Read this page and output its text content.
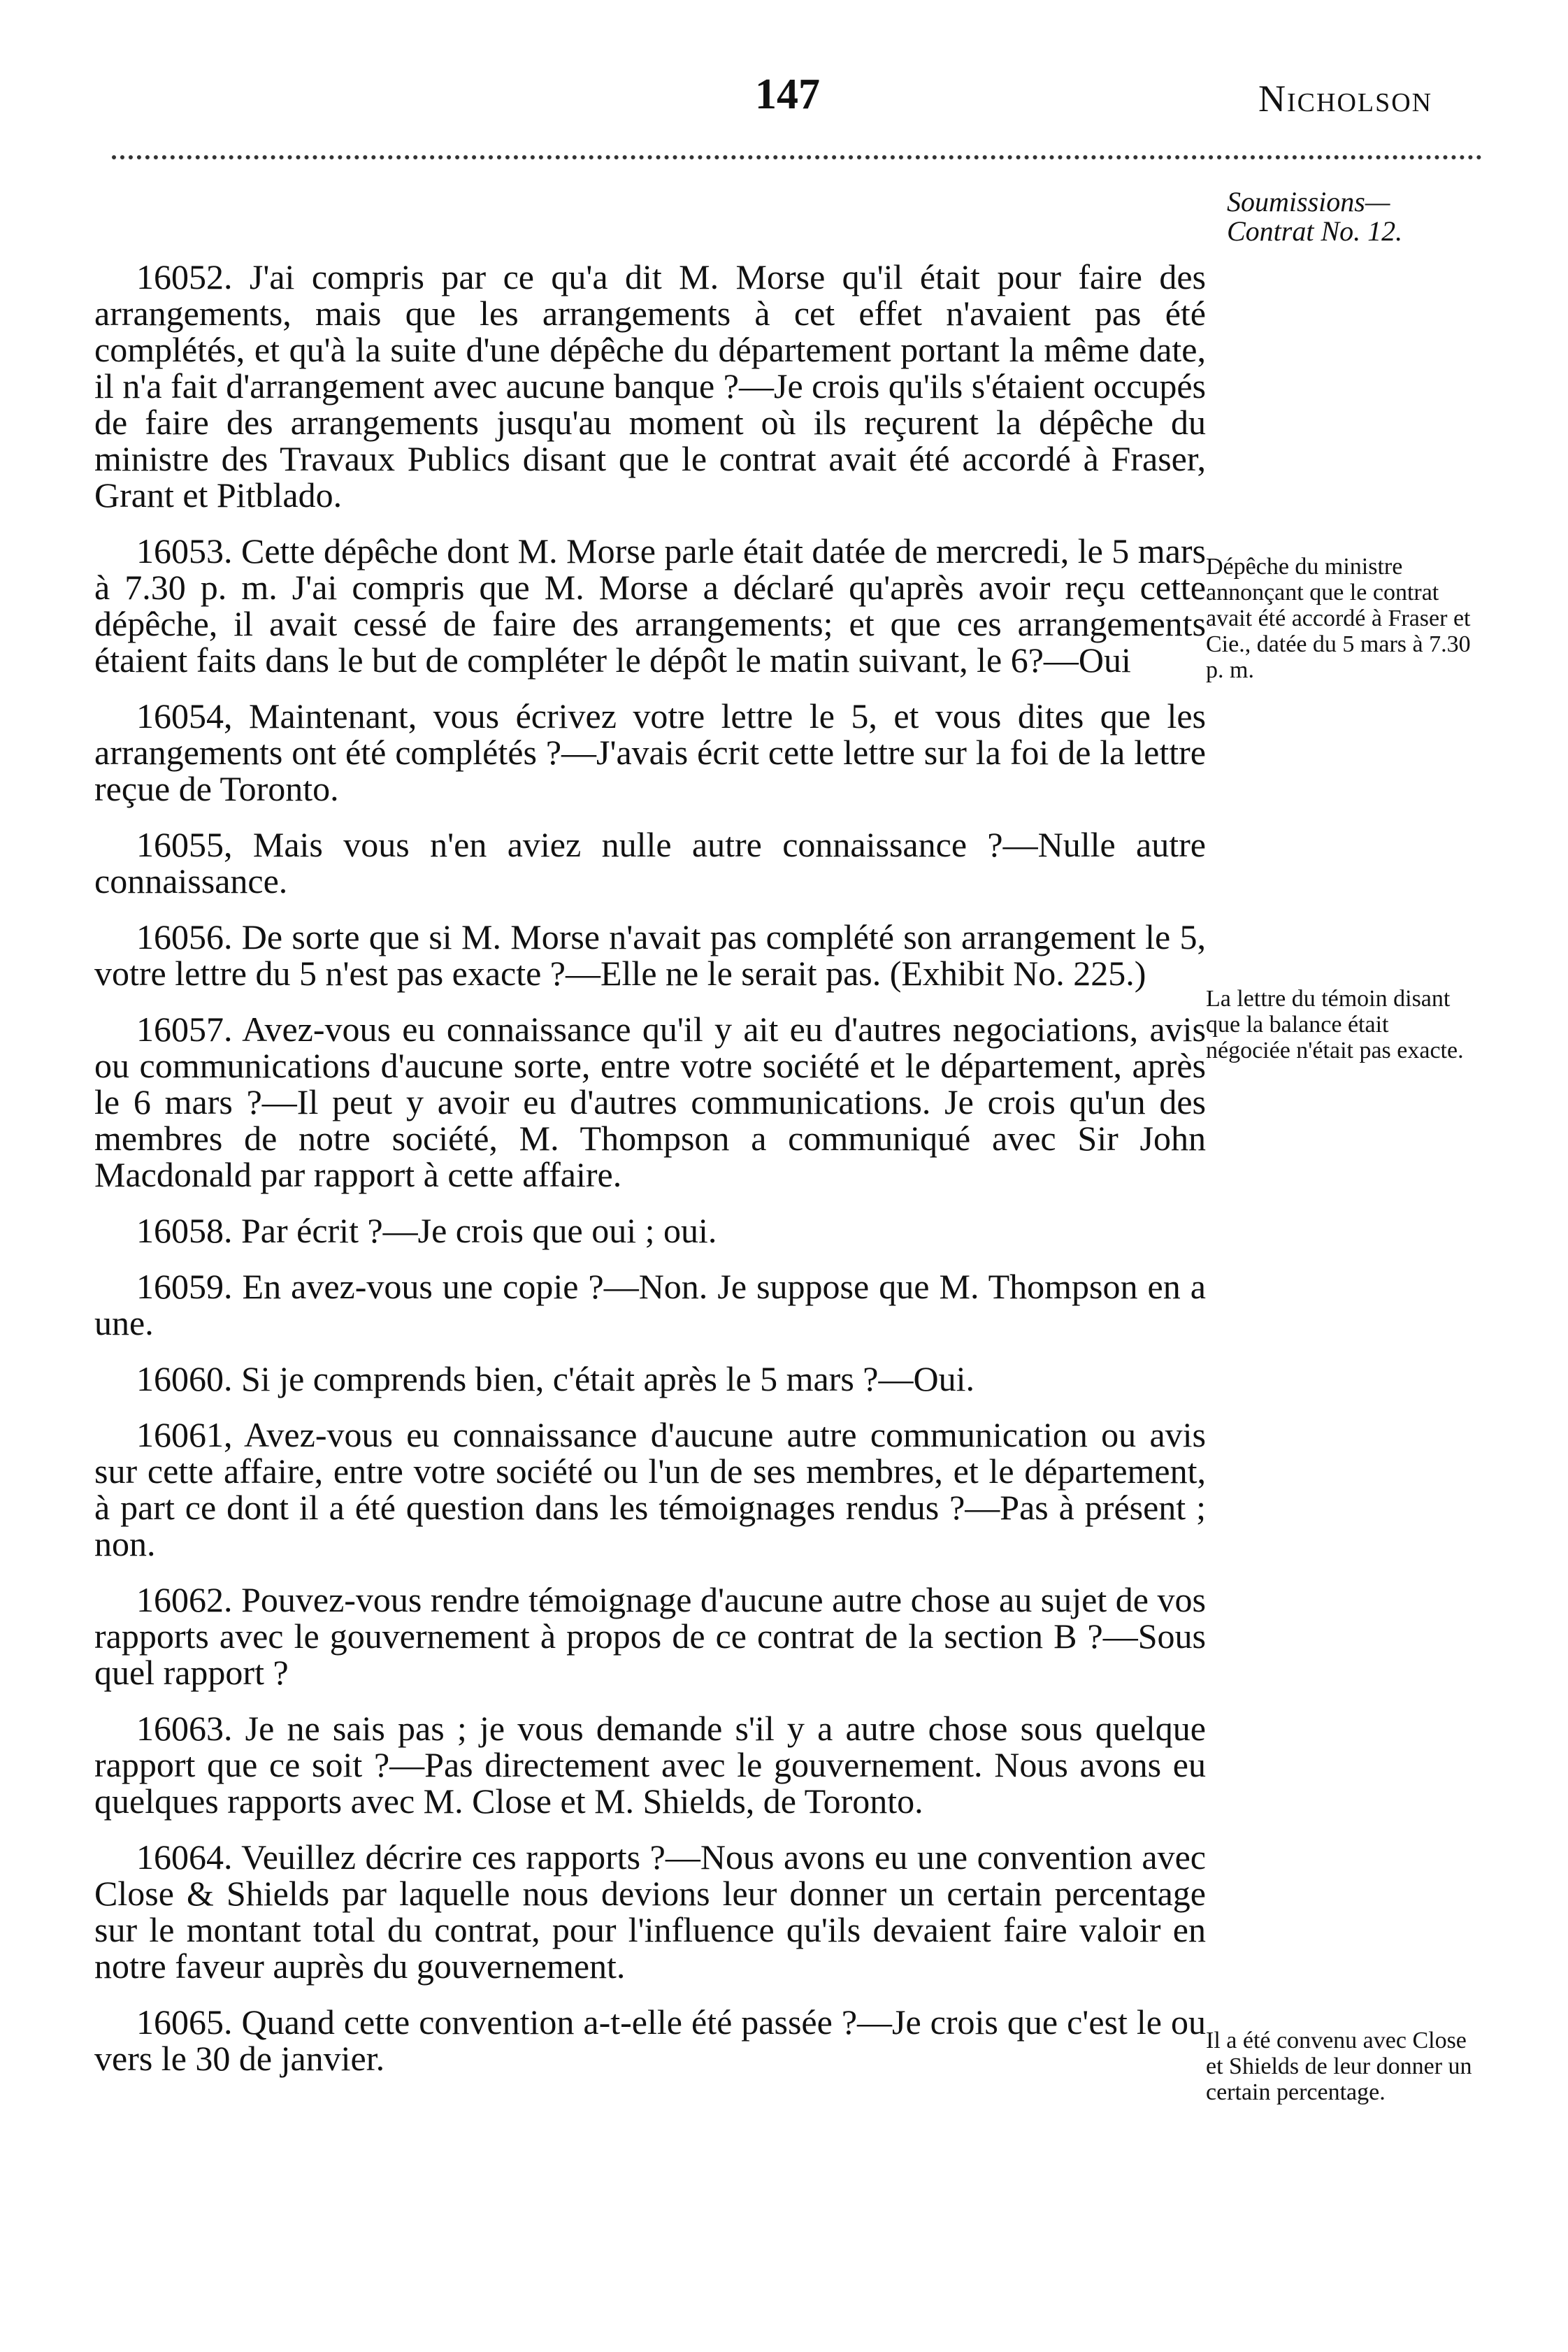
147	Nicholson
Soumissions—
Contrat No. 12.

16052. J'ai compris par ce qu'a dit M. Morse qu'il était pour faire des arrangements, mais que les arrangements à cet effet n'avaient pas été complétés, et qu'à la suite d'une dépêche du département portant la même date, il n'a fait d'arrangement avec aucune banque ?—Je crois qu'ils s'étaient occupés de faire des arrangements jusqu'au moment où ils reçurent la dépêche du ministre des Travaux Publics disant que le contrat avait été accordé à Fraser, Grant et Pitblado.

16053. Cette dépêche dont M. Morse parle était datée de mercredi, le 5 mars à 7.30 p. m. J'ai compris que M. Morse a déclaré qu'après avoir reçu cette dépêche, il avait cessé de faire des arrangements; et que ces arrangements étaient faits dans le but de compléter le dépôt le matin suivant, le 6?—Oui

16054, Maintenant, vous écrivez votre lettre le 5, et vous dites que les arrangements ont été complétés ?—J'avais écrit cette lettre sur la foi de la lettre reçue de Toronto.

16055, Mais vous n'en aviez nulle autre connaissance ?—Nulle autre connaissance.

16056. De sorte que si M. Morse n'avait pas complété son arrangement le 5, votre lettre du 5 n'est pas exacte ?—Elle ne le serait pas. (Exhibit No. 225.)

16057. Avez-vous eu connaissance qu'il y ait eu d'autres negociations, avis ou communications d'aucune sorte, entre votre société et le département, après le 6 mars ?—Il peut y avoir eu d'autres communications. Je crois qu'un des membres de notre société, M. Thompson a communiqué avec Sir John Macdonald par rapport à cette affaire.

16058. Par écrit ?—Je crois que oui ; oui.

16059. En avez-vous une copie ?—Non. Je suppose que M. Thompson en a une.

16060. Si je comprends bien, c'était après le 5 mars ?—Oui.

16061, Avez-vous eu connaissance d'aucune autre communication ou avis sur cette affaire, entre votre société ou l'un de ses membres, et le département, à part ce dont il a été question dans les témoignages rendus ?—Pas à présent ; non.

16062. Pouvez-vous rendre témoignage d'aucune autre chose au sujet de vos rapports avec le gouvernement à propos de ce contrat de la section B ?—Sous quel rapport ?

16063. Je ne sais pas ; je vous demande s'il y a autre chose sous quelque rapport que ce soit ?—Pas directement avec le gouvernement. Nous avons eu quelques rapports avec M. Close et M. Shields, de Toronto.

16064. Veuillez décrire ces rapports ?—Nous avons eu une convention avec Close & Shields par laquelle nous devions leur donner un certain percentage sur le montant total du contrat, pour l'influence qu'ils devaient faire valoir en notre faveur auprès du gouvernement.

16065. Quand cette convention a-t-elle été passée ?—Je crois que c'est le ou vers le 30 de janvier.

Dépêche du ministre annonçant que le contrat avait été accordé à Fraser et Cie., datée du 5 mars à 7.30 p. m.
La lettre du témoin disant que la balance était négociée n'était pas exacte.
Il a été convenu avec Close et Shields de leur donner un certain percentage.
